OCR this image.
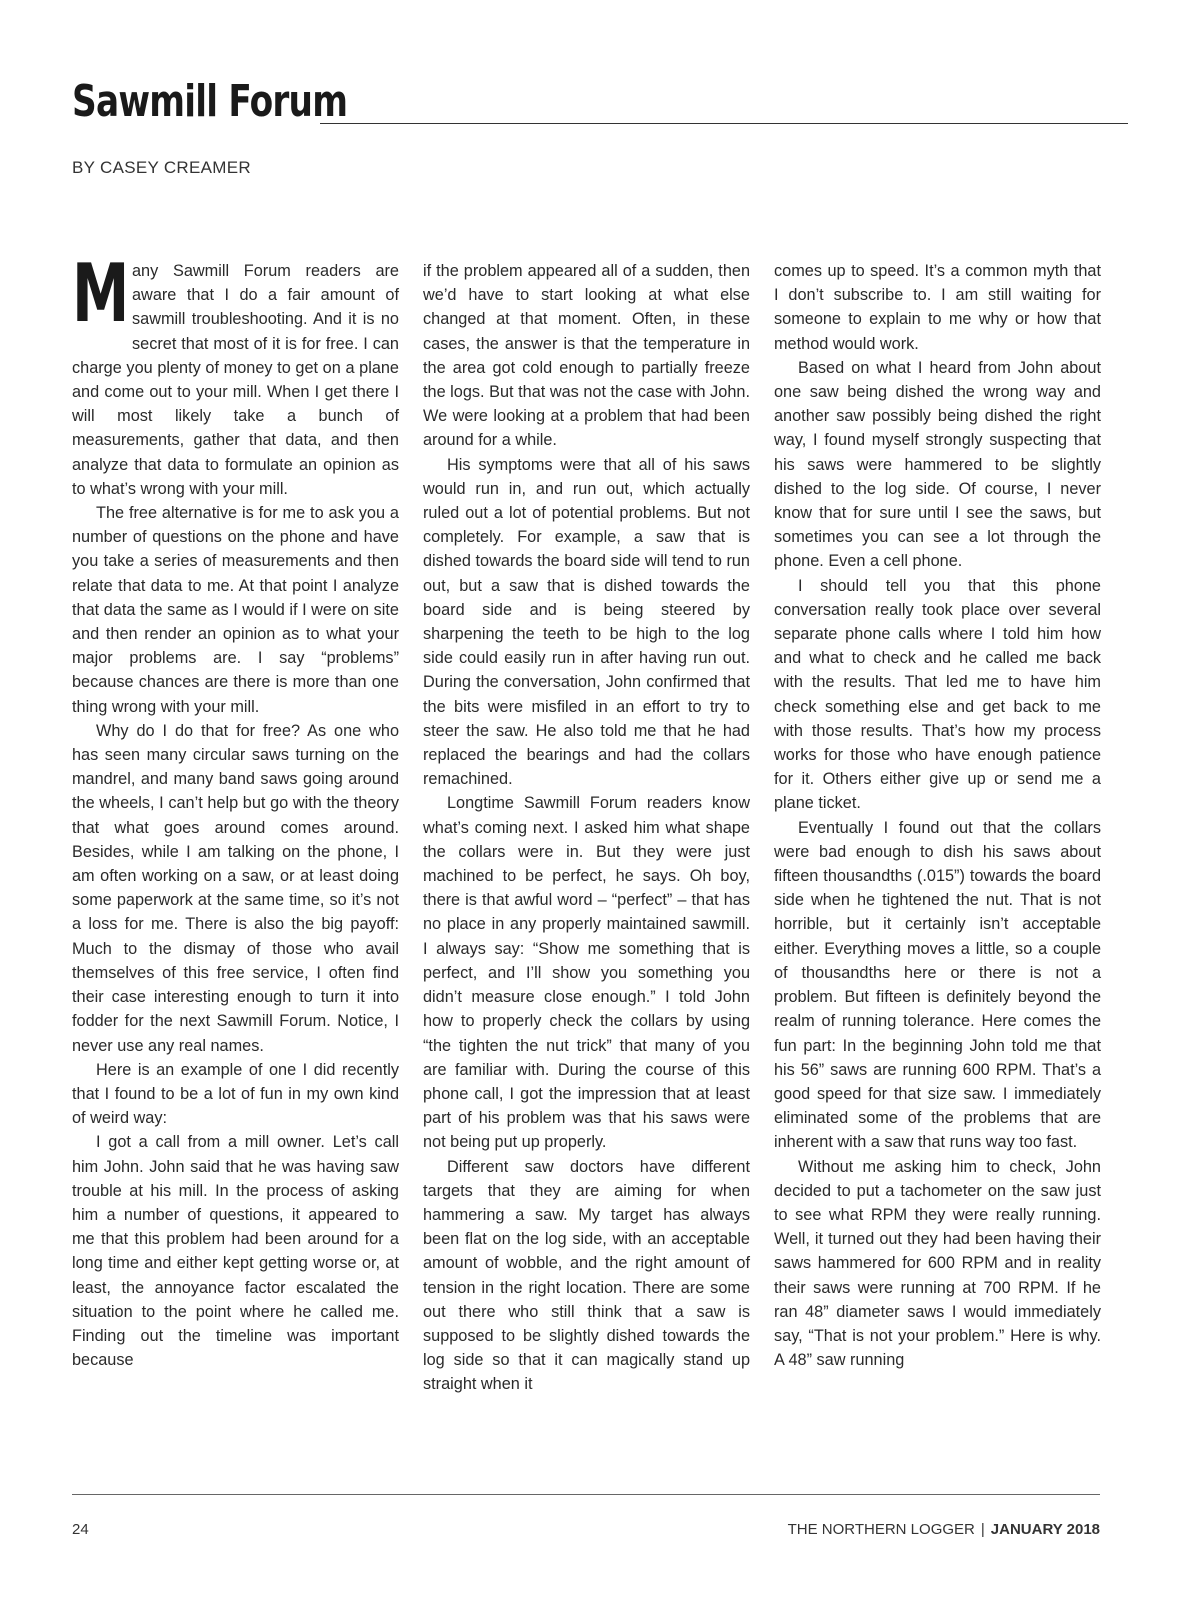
Sawmill Forum
BY CASEY CREAMER

Many Sawmill Forum readers are aware that I do a fair amount of sawmill troubleshooting. And it is no secret that most of it is for free. I can charge you plenty of money to get on a plane and come out to your mill. When I get there I will most likely take a bunch of measurements, gather that data, and then analyze that data to formulate an opinion as to what’s wrong with your mill.

The free alternative is for me to ask you a number of questions on the phone and have you take a series of measurements and then relate that data to me. At that point I analyze that data the same as I would if I were on site and then render an opinion as to what your major problems are. I say “problems” because chances are there is more than one thing wrong with your mill.

Why do I do that for free? As one who has seen many circular saws turning on the mandrel, and many band saws going around the wheels, I can’t help but go with the theory that what goes around comes around. Besides, while I am talking on the phone, I am often working on a saw, or at least doing some paperwork at the same time, so it’s not a loss for me. There is also the big payoff: Much to the dismay of those who avail themselves of this free service, I often find their case interesting enough to turn it into fodder for the next Sawmill Forum. Notice, I never use any real names.

Here is an example of one I did recently that I found to be a lot of fun in my own kind of weird way:

I got a call from a mill owner. Let’s call him John. John said that he was having saw trouble at his mill. In the process of asking him a number of questions, it appeared to me that this problem had been around for a long time and either kept getting worse or, at least, the annoyance factor escalated the situation to the point where he called me. Finding out the timeline was important because

if the problem appeared all of a sudden, then we’d have to start looking at what else changed at that moment. Often, in these cases, the answer is that the temperature in the area got cold enough to partially freeze the logs. But that was not the case with John. We were looking at a problem that had been around for a while.

His symptoms were that all of his saws would run in, and run out, which actually ruled out a lot of potential problems. But not completely. For example, a saw that is dished towards the board side will tend to run out, but a saw that is dished towards the board side and is being steered by sharpening the teeth to be high to the log side could easily run in after having run out. During the conversation, John confirmed that the bits were misfiled in an effort to try to steer the saw. He also told me that he had replaced the bearings and had the collars remachined.

Longtime Sawmill Forum readers know what’s coming next. I asked him what shape the collars were in. But they were just machined to be perfect, he says. Oh boy, there is that awful word – “perfect” – that has no place in any properly maintained sawmill. I always say: “Show me something that is perfect, and I’ll show you something you didn’t measure close enough.” I told John how to properly check the collars by using “the tighten the nut trick” that many of you are familiar with. During the course of this phone call, I got the impression that at least part of his problem was that his saws were not being put up properly.

Different saw doctors have different targets that they are aiming for when hammering a saw. My target has always been flat on the log side, with an acceptable amount of wobble, and the right amount of tension in the right location. There are some out there who still think that a saw is supposed to be slightly dished towards the log side so that it can magically stand up straight when it

comes up to speed. It’s a common myth that I don’t subscribe to. I am still waiting for someone to explain to me why or how that method would work.

Based on what I heard from John about one saw being dished the wrong way and another saw possibly being dished the right way, I found myself strongly suspecting that his saws were hammered to be slightly dished to the log side. Of course, I never know that for sure until I see the saws, but sometimes you can see a lot through the phone. Even a cell phone.

I should tell you that this phone conversation really took place over several separate phone calls where I told him how and what to check and he called me back with the results. That led me to have him check something else and get back to me with those results. That’s how my process works for those who have enough patience for it. Others either give up or send me a plane ticket.

Eventually I found out that the collars were bad enough to dish his saws about fifteen thousandths (.015”) towards the board side when he tightened the nut. That is not horrible, but it certainly isn’t acceptable either. Everything moves a little, so a couple of thousandths here or there is not a problem. But fifteen is definitely beyond the realm of running tolerance. Here comes the fun part: In the beginning John told me that his 56” saws are running 600 RPM. That’s a good speed for that size saw. I immediately eliminated some of the problems that are inherent with a saw that runs way too fast.

Without me asking him to check, John decided to put a tachometer on the saw just to see what RPM they were really running. Well, it turned out they had been having their saws hammered for 600 RPM and in reality their saws were running at 700 RPM. If he ran 48” diameter saws I would immediately say, “That is not your problem.” Here is why. A 48” saw running

24	THE NORTHERN LOGGER | JANUARY 2018
